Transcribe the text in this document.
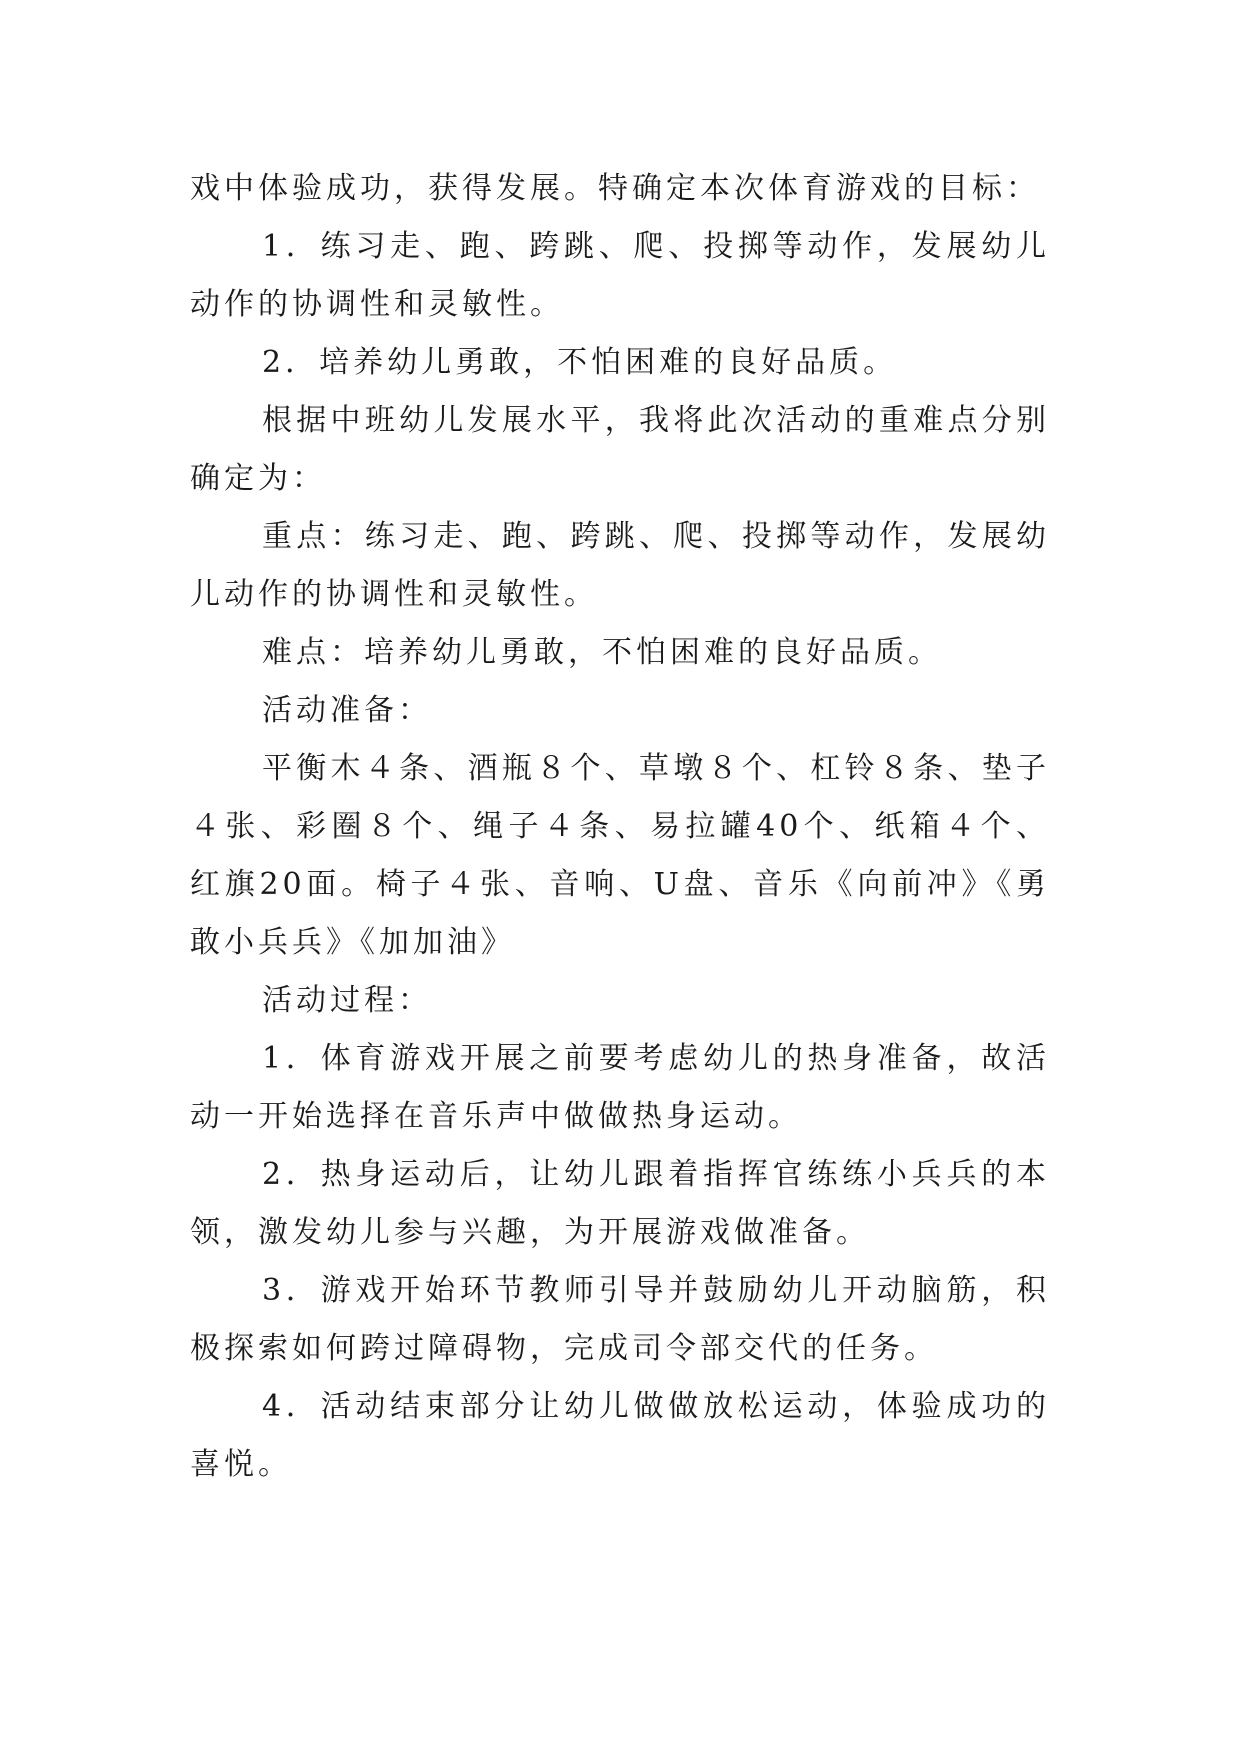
戏中体验成功，获得发展。特确定本次体育游戏的目标：

1．练习走、跑、跨跳、爬、投掷等动作，发展幼儿动作的协调性和灵敏性。

2．培养幼儿勇敢，不怕困难的良好品质。

根据中班幼儿发展水平，我将此次活动的重难点分别确定为：

重点：练习走、跑、跨跳、爬、投掷等动作，发展幼儿动作的协调性和灵敏性。

难点：培养幼儿勇敢，不怕困难的良好品质。

活动准备：

平衡木４条、酒瓶８个、草墩８个、杠铃８条、垫子４张、彩圈８个、绳子４条、易拉罐40个、纸箱４个、红旗20面。椅子４张、音响、U盘、音乐《向前冲》《勇敢小兵兵》《加加油》

活动过程：

1．体育游戏开展之前要考虑幼儿的热身准备，故活动一开始选择在音乐声中做做热身运动。

2．热身运动后，让幼儿跟着指挥官练练小兵兵的本领，激发幼儿参与兴趣，为开展游戏做准备。

3．游戏开始环节教师引导并鼓励幼儿开动脑筋，积极探索如何跨过障碍物，完成司令部交代的任务。

4．活动结束部分让幼儿做做放松运动，体验成功的喜悦。
